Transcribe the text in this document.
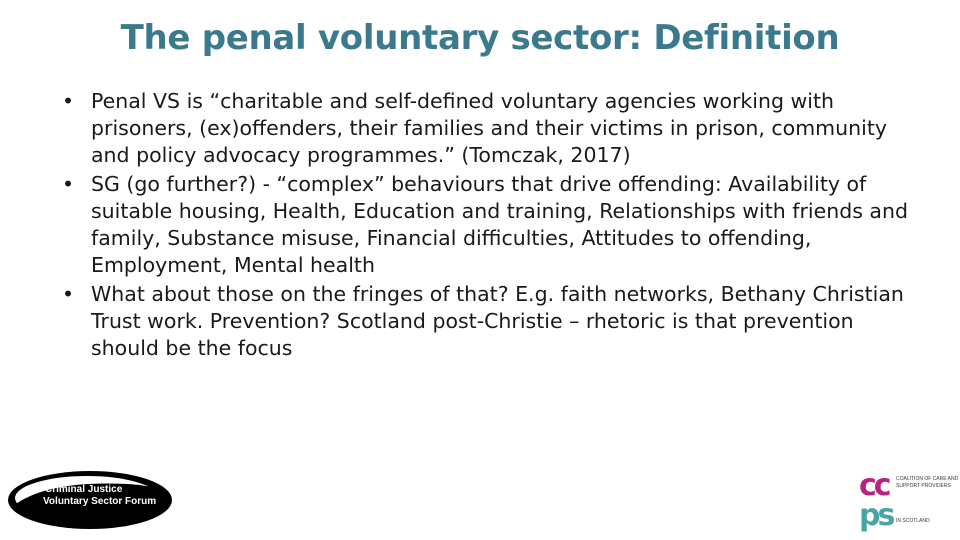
The penal voluntary sector: Definition
• Penal VS is “charitable and self-defined voluntary agencies working with prisoners, (ex)offenders, their families and their victims in prison, community and policy advocacy programmes.” (Tomczak, 2017)
• SG (go further?) - “complex” behaviours that drive offending: Availability of suitable housing, Health, Education and training, Relationships with friends and family, Substance misuse, Financial difficulties, Attitudes to offending, Employment, Mental health
• What about those on the fringes of that? E.g. faith networks, Bethany Christian Trust work. Prevention? Scotland post-Christie – rhetoric is that prevention should be the focus
Criminal Justice
Voluntary Sector Forum	cc
ps
COALITION OF CARE AND
SUPPORT PROVIDERS
IN SCOTLAND
